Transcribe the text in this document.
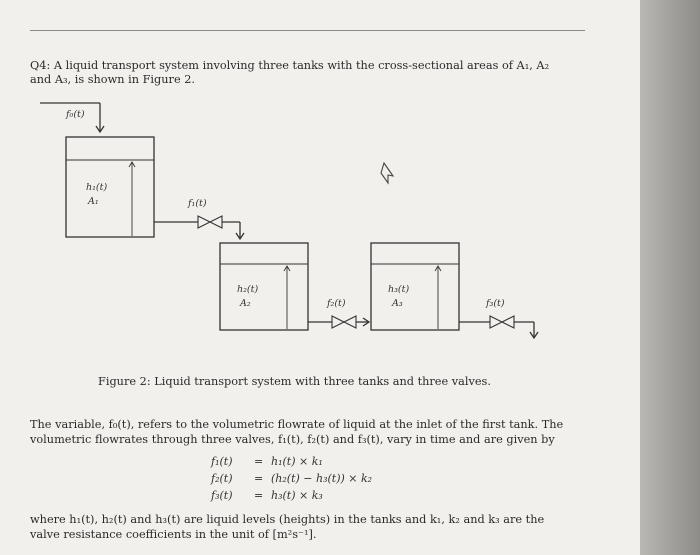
Q4: A liquid transport system involving three tanks with the cross-sectional areas of A₁, A₂
and A₃, is shown in Figure 2.
f₀(t)
h₁(t)
A₁	f₁(t)
h₂(t)
A₂	f₂(t)
h₃(t)
A₃	f₃(t)
Figure 2: Liquid transport system with three tanks and three valves.
The variable, f₀(t), refers to the volumetric flowrate of liquid at the inlet of the first tank. The
volumetric flowrates through three valves, f₁(t), f₂(t) and f₃(t), vary in time and are given by
f₁(t) = h₁(t) × k₁
f₂(t) = (h₂(t) − h₃(t)) × k₂
f₃(t) = h₃(t) × k₃
where h₁(t), h₂(t) and h₃(t) are liquid levels (heights) in the tanks and k₁, k₂ and k₃ are the
valve resistance coefficients in the unit of [m²s⁻¹].
